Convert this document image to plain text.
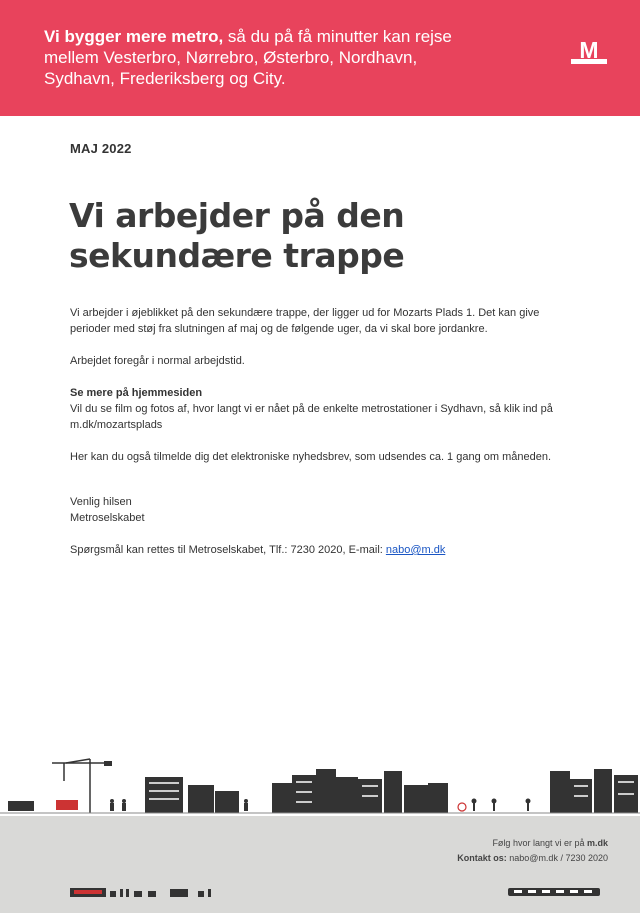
Vi bygger mere metro, så du på få minutter kan rejse mellem Vesterbro, Nørrebro, Østerbro, Nordhavn, Sydhavn, Frederiksberg og City.
M
MAJ 2022
Vi arbejder på den sekundære trappe

Vi arbejder i øjeblikket på den sekundære trappe, der ligger ud for Mozarts Plads 1. Det kan give perioder med støj fra slutningen af maj og de følgende uger, da vi skal bore jordankre.

Arbejdet foregår i normal arbejdstid.

Se mere på hjemmesiden
Vil du se film og fotos af, hvor langt vi er nået på de enkelte metrostationer i Sydhavn, så klik ind på m.dk/mozartsplads

Her kan du også tilmelde dig det elektroniske nyhedsbrev, som udsendes ca. 1 gang om måneden.

Venlig hilsen
Metroselskabet

Spørgsmål kan rettes til Metroselskabet, Tlf.: 7230 2020, E-mail: nabo@m.dk

Følg hvor langt vi er på m.dk
Kontakt os: nabo@m.dk / 7230 2020
